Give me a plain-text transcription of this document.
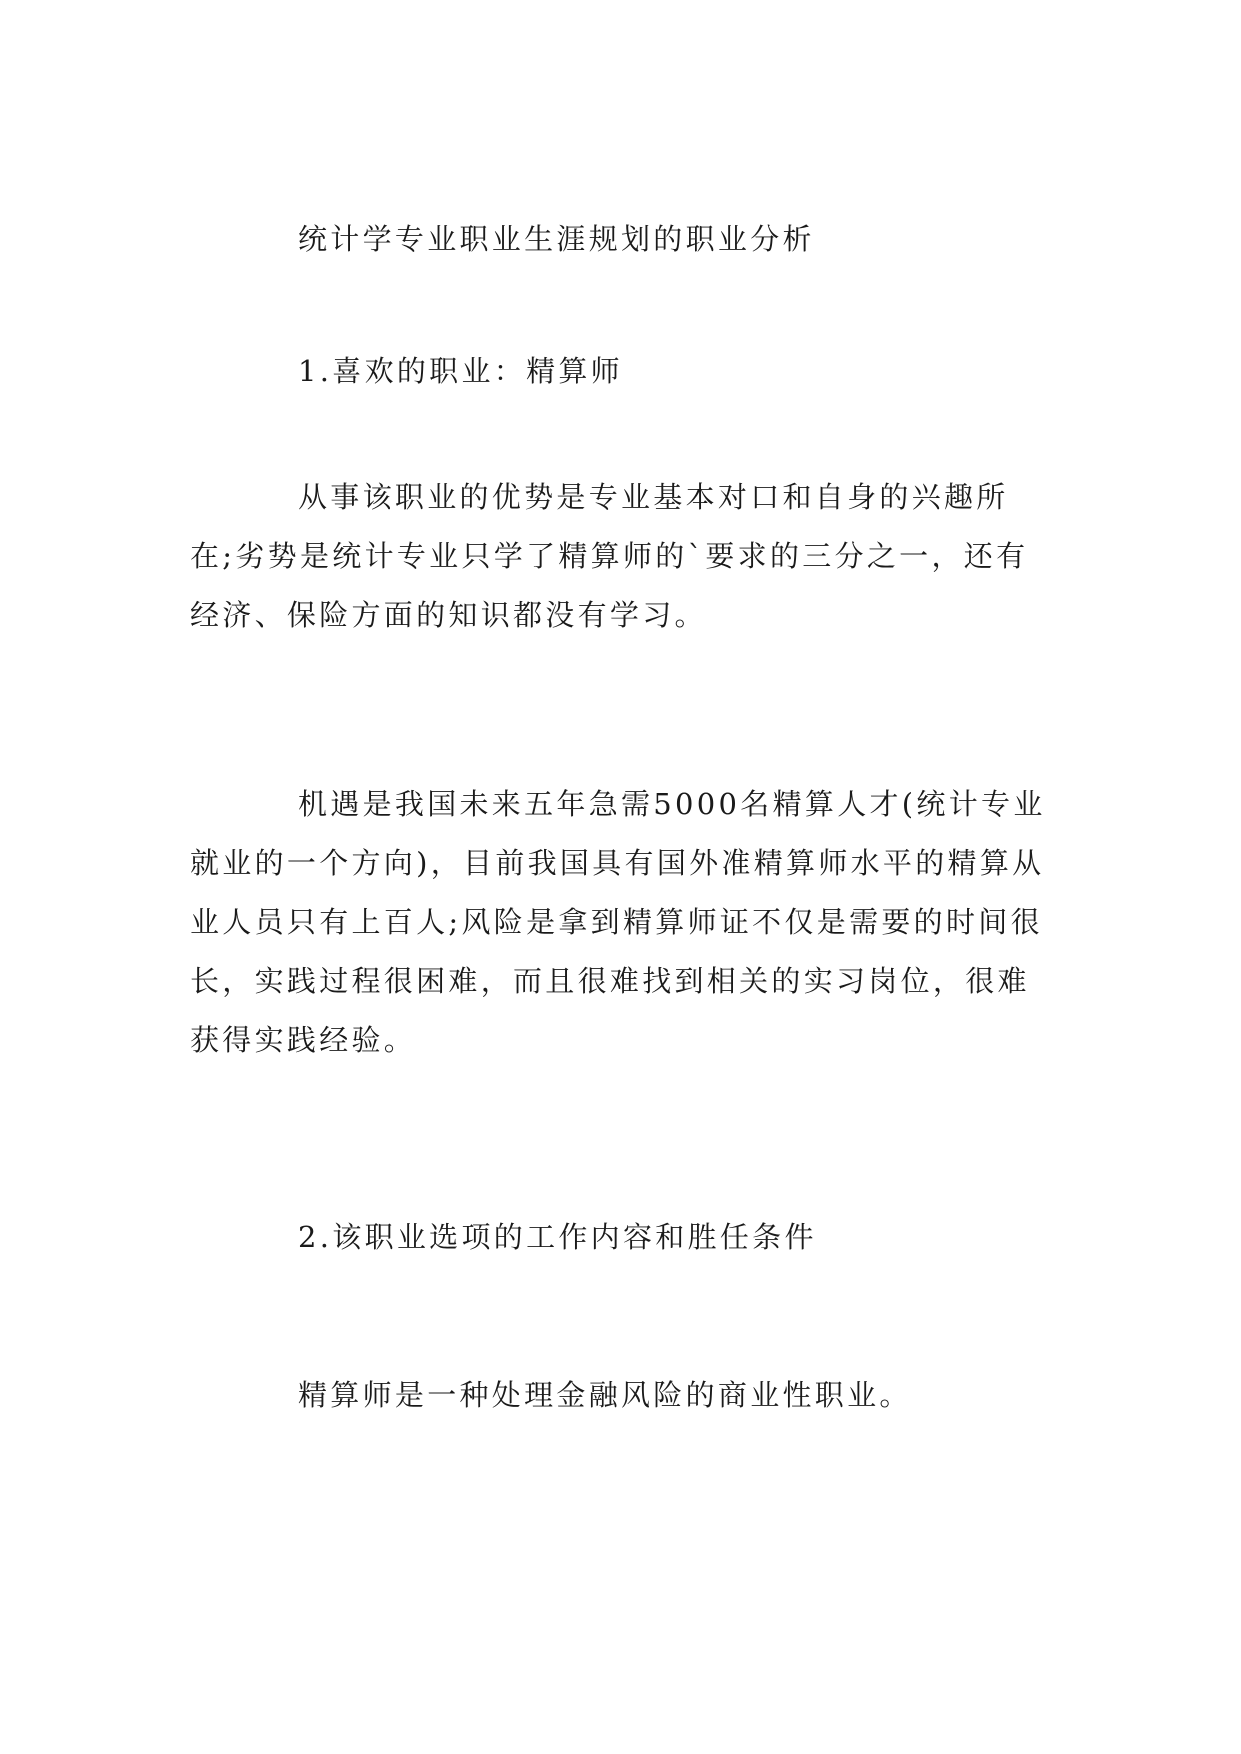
统计学专业职业生涯规划的职业分析

1.喜欢的职业：精算师

从事该职业的优势是专业基本对口和自身的兴趣所在;劣势是统计专业只学了精算师的`要求的三分之一，还有经济、保险方面的知识都没有学习。

机遇是我国未来五年急需5000名精算人才(统计专业就业的一个方向)，目前我国具有国外准精算师水平的精算从业人员只有上百人;风险是拿到精算师证不仅是需要的时间很长，实践过程很困难，而且很难找到相关的实习岗位，很难获得实践经验。

2.该职业选项的工作内容和胜任条件

精算师是一种处理金融风险的商业性职业。
